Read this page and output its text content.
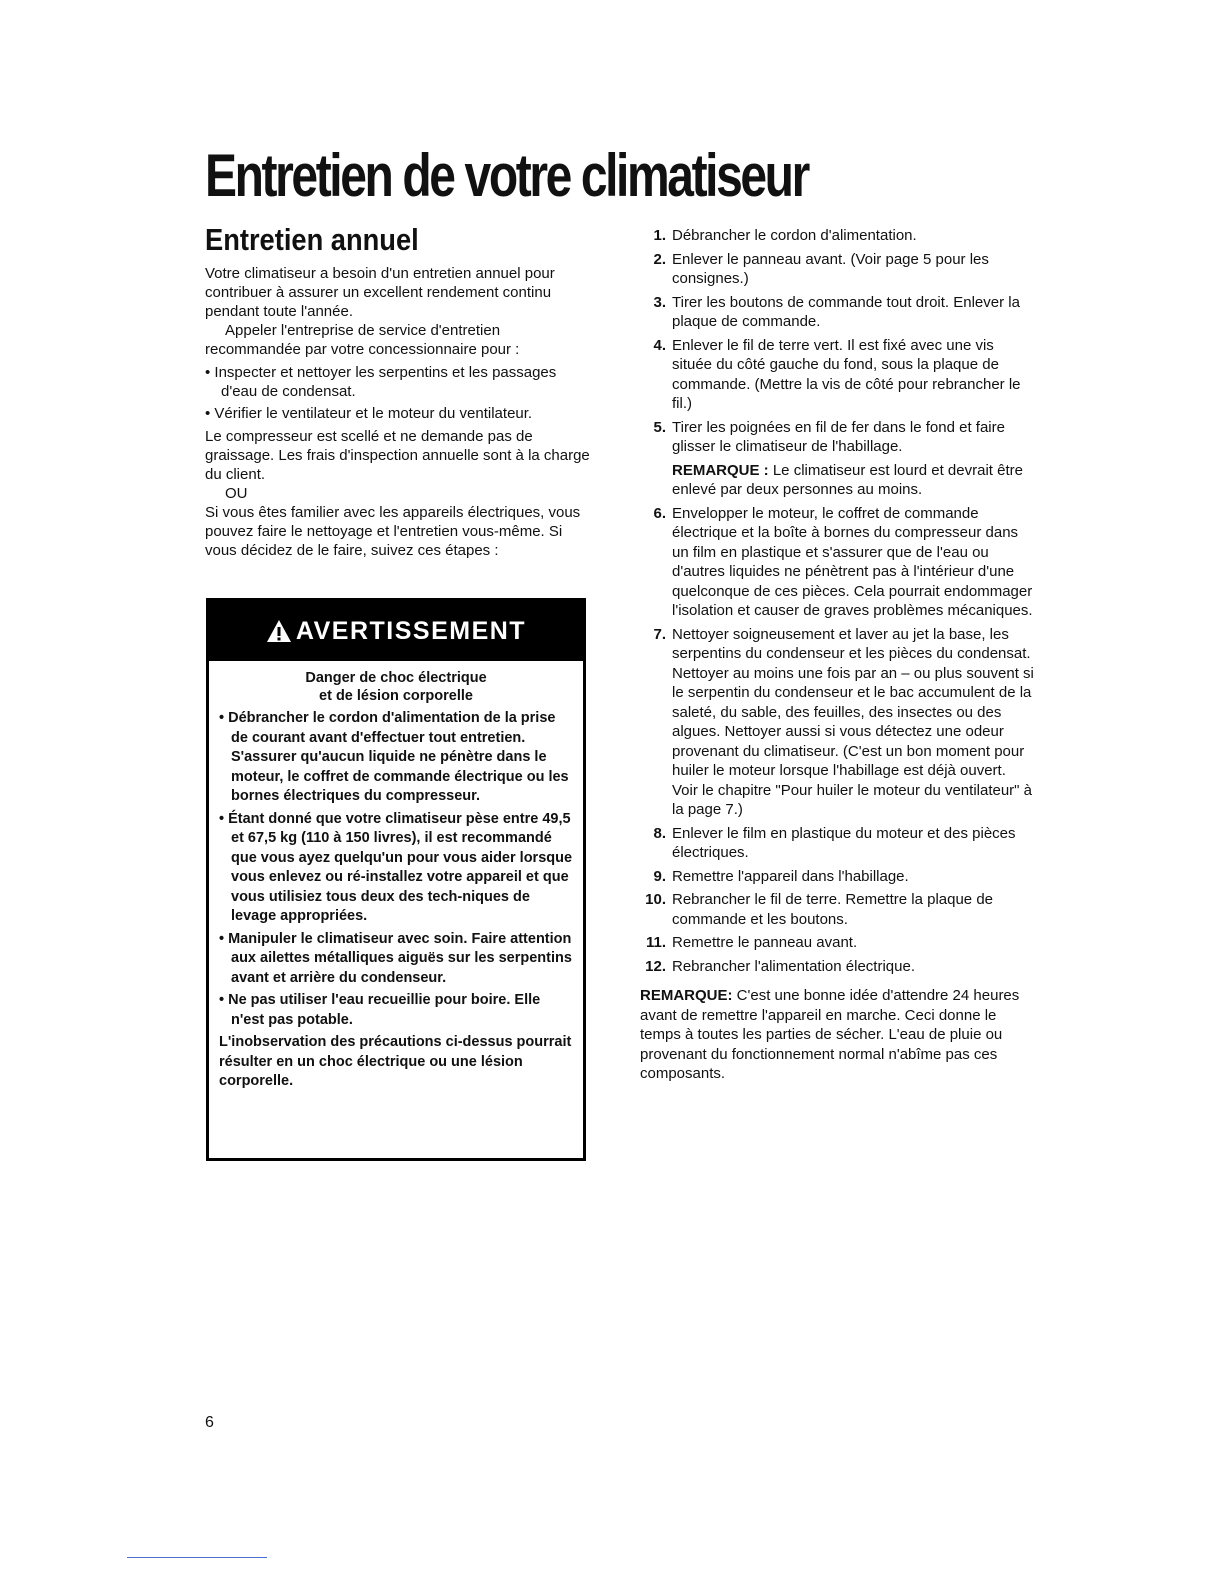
Entretien de votre climatiseur
Entretien annuel

Votre climatiseur a besoin d'un entretien annuel pour contribuer à assurer un excellent rendement continu pendant toute l'année.

Appeler l'entreprise de service d'entretien recommandée par votre concessionnaire pour :

• Inspecter et nettoyer les serpentins et les passages d'eau de condensat.
• Vérifier le ventilateur et le moteur du ventilateur.

Le compresseur est scellé et ne demande pas de graissage. Les frais d'inspection annuelle sont à la charge du client.

OU

Si vous êtes familier avec les appareils électriques, vous pouvez faire le nettoyage et l'entretien vous-même. Si vous décidez de le faire, suivez ces étapes :

AVERTISSEMENT

Danger de choc électrique
et de lésion corporelle

• Débrancher le cordon d'alimentation de la prise de courant avant d'effectuer tout entretien. S'assurer qu'aucun liquide ne pénètre dans le moteur, le coffret de commande électrique ou les bornes électriques du compresseur.
• Étant donné que votre climatiseur pèse entre 49,5 et 67,5 kg (110 à 150 livres), il est recommandé que vous ayez quelqu'un pour vous aider lorsque vous enlevez ou ré-installez votre appareil et que vous utilisiez tous deux des tech-niques de levage appropriées.
• Manipuler le climatiseur avec soin. Faire attention aux ailettes métalliques aiguës sur les serpentins avant et arrière du condenseur.
• Ne pas utiliser l'eau recueillie pour boire. Elle n'est pas potable.

L'inobservation des précautions ci-dessus pourrait résulter en un choc électrique ou une lésion corporelle.

1. Débrancher le cordon d'alimentation.
2. Enlever le panneau avant. (Voir page 5 pour les consignes.)
3. Tirer les boutons de commande tout droit. Enlever la plaque de commande.
4. Enlever le fil de terre vert. Il est fixé avec une vis située du côté gauche du fond, sous la plaque de commande. (Mettre la vis de côté pour rebrancher le fil.)
5. Tirer les poignées en fil de fer dans le fond et faire glisser le climatiseur de l'habillage.

REMARQUE : Le climatiseur est lourd et devrait être enlevé par deux personnes au moins.

6. Envelopper le moteur, le coffret de commande électrique et la boîte à bornes du compresseur dans un film en plastique et s'assurer que de l'eau ou d'autres liquides ne pénètrent pas à l'intérieur d'une quelconque de ces pièces. Cela pourrait endommager l'isolation et causer de graves problèmes mécaniques.
7. Nettoyer soigneusement et laver au jet la base, les serpentins du condenseur et les pièces du condensat. Nettoyer au moins une fois par an – ou plus souvent si le serpentin du condenseur et le bac accumulent de la saleté, du sable, des feuilles, des insectes ou des algues. Nettoyer aussi si vous détectez une odeur provenant du climatiseur. (C'est un bon moment pour huiler le moteur lorsque l'habillage est déjà ouvert. Voir le chapitre "Pour huiler le moteur du ventilateur" à la page 7.)
8. Enlever le film en plastique du moteur et des pièces électriques.
9. Remettre l'appareil dans l'habillage.
10. Rebrancher le fil de terre. Remettre la plaque de commande et les boutons.
11. Remettre le panneau avant.
12. Rebrancher l'alimentation électrique.

REMARQUE: C'est une bonne idée d'attendre 24 heures avant de remettre l'appareil en marche. Ceci donne le temps à toutes les parties de sécher. L'eau de pluie ou provenant du fonctionnement normal n'abîme pas ces composants.

6
